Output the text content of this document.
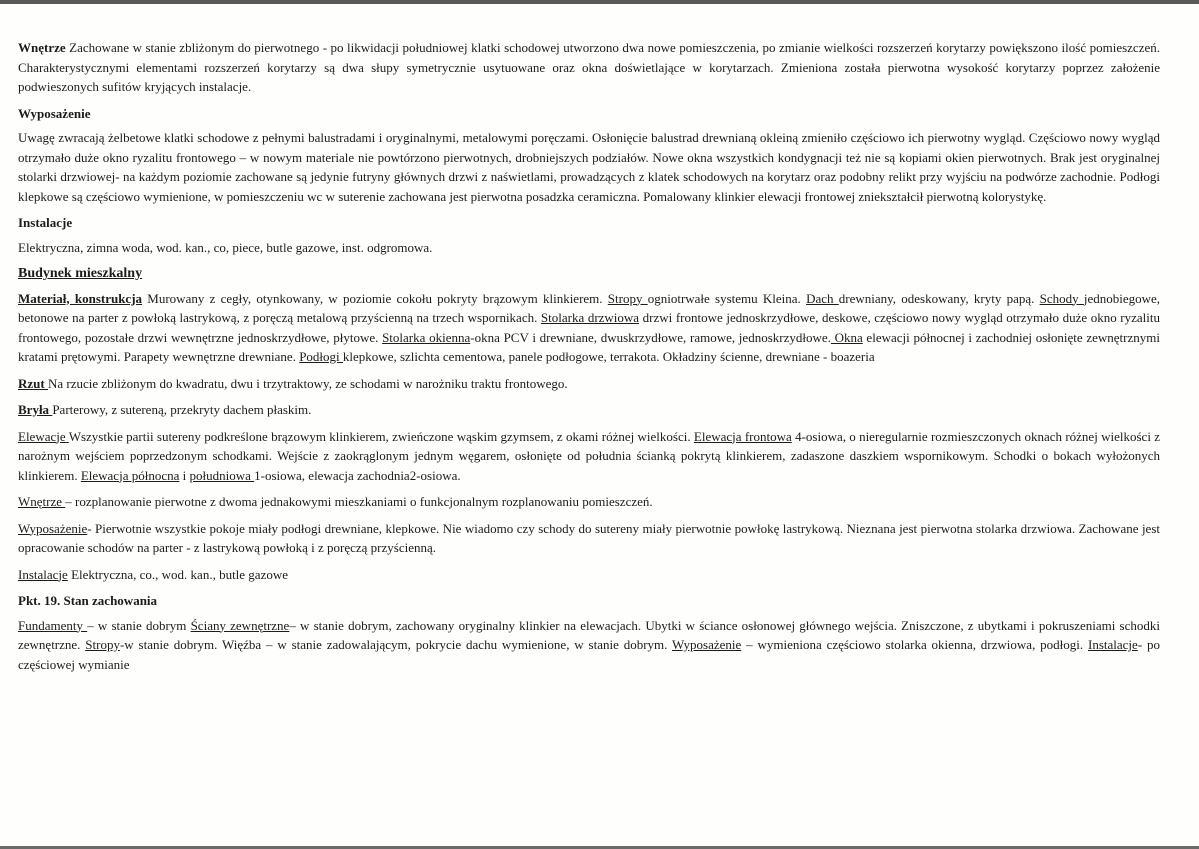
Wnętrze Zachowane w stanie zbliżonym do pierwotnego - po likwidacji południowej klatki schodowej utworzono dwa nowe pomieszczenia, po zmianie wielkości rozszerzeń korytarzy powiększono ilość pomieszczeń. Charakterystycznymi elementami rozszerzeń korytarzy są dwa słupy symetrycznie usytuowane oraz okna doświetlające w korytarzach. Zmieniona została pierwotna wysokość korytarzy poprzez założenie podwieszonych sufitów kryjących instalacje.

Wyposażenie

Uwagę zwracają żelbetowe klatki schodowe z pełnymi balustradami i oryginalnymi, metalowymi poręczami. Osłonięcie balustrad drewnianą okleiną zmieniło częściowo ich pierwotny wygląd. Częściowo nowy wygląd otrzymało duże okno ryzalitu frontowego – w nowym materiale nie powtórzono pierwotnych, drobniejszych podziałów. Nowe okna wszystkich kondygnacji też nie są kopiami okien pierwotnych. Brak jest oryginalnej stolarki drzwiowej- na każdym poziomie zachowane są jedynie futryny głównych drzwi z naświetlami, prowadzących z klatek schodowych na korytarz oraz podobny relikt przy wyjściu na podwórze zachodnie. Podłogi klepkowe są częściowo wymienione, w pomieszczeniu wc w suterenie zachowana jest pierwotna posadzka ceramiczna. Pomalowany klinkier elewacji frontowej zniekształcił pierwotną kolorystykę.

Instalacje

Elektryczna, zimna woda, wod. kan., co, piece, butle gazowe, inst. odgromowa.

Budynek mieszkalny

Materiał, konstrukcja Murowany z cegły, otynkowany, w poziomie cokołu pokryty brązowym klinkierem. Stropy ogniotrwałe systemu Kleina. Dach drewniany, odeskowany, kryty papą. Schody jednobiegowe, betonowe na parter z powłoką lastrykową, z poręczą metalową przyścienną na trzech wspornikach. Stolarka drzwiowa drzwi frontowe jednoskrzydłowe, deskowe, częściowo nowy wygląd otrzymało duże okno ryzalitu frontowego, pozostałe drzwi wewnętrzne jednoskrzydłowe, płytowe. Stolarka okienna-okna PCV i drewniane, dwuskrzydłowe, ramowe, jednoskrzydłowe. Okna elewacji północnej i zachodniej osłonięte zewnętrznymi kratami prętowymi. Parapety wewnętrzne drewniane. Podłogi klepkowe, szlichta cementowa, panele podłogowe, terrakota. Okładziny ścienne, drewniane - boazeria

Rzut Na rzucie zbliżonym do kwadratu, dwu i trzytraktowy, ze schodami w narożniku traktu frontowego.

Bryła Parterowy, z sutereną, przekryty dachem płaskim.

Elewacje Wszystkie partii sutereny podkreślone brązowym klinkierem, zwieńczone wąskim gzymsem, z okami różnej wielkości. Elewacja frontowa 4-osiowa, o nieregularnie rozmieszczonych oknach różnej wielkości z narożnym wejściem poprzedzonym schodkami. Wejście z zaokrąglonym jednym węgarem, osłonięte od południa ścianką pokrytą klinkierem, zadaszone daszkiem wspornikowym. Schodki o bokach wyłożonych klinkierem. Elewacja północna i południowa 1-osiowa, elewacja zachodnia2-osiowa.

Wnętrze – rozplanowanie pierwotne z dwoma jednakowymi mieszkaniami o funkcjonalnym rozplanowaniu pomieszczeń.

Wyposażenie- Pierwotnie wszystkie pokoje miały podłogi drewniane, klepkowe. Nie wiadomo czy schody do sutereny miały pierwotnie powłokę lastrykową. Nieznana jest pierwotna stolarka drzwiowa. Zachowane jest opracowanie schodów na parter - z lastrykową powłoką i z poręczą przyścienną.

Instalacje Elektryczna, co., wod. kan., butle gazowe

Pkt. 19. Stan zachowania

Fundamenty – w stanie dobrym Ściany zewnętrzne– w stanie dobrym, zachowany oryginalny klinkier na elewacjach. Ubytki w ściance osłonowej głównego wejścia. Zniszczone, z ubytkami i pokruszeniami schodki zewnętrzne. Stropy-w stanie dobrym. Więźba – w stanie zadowalającym, pokrycie dachu wymienione, w stanie dobrym. Wyposażenie – wymieniona częściowo stolarka okienna, drzwiowa, podłogi. Instalacje- po częściowej wymianie
